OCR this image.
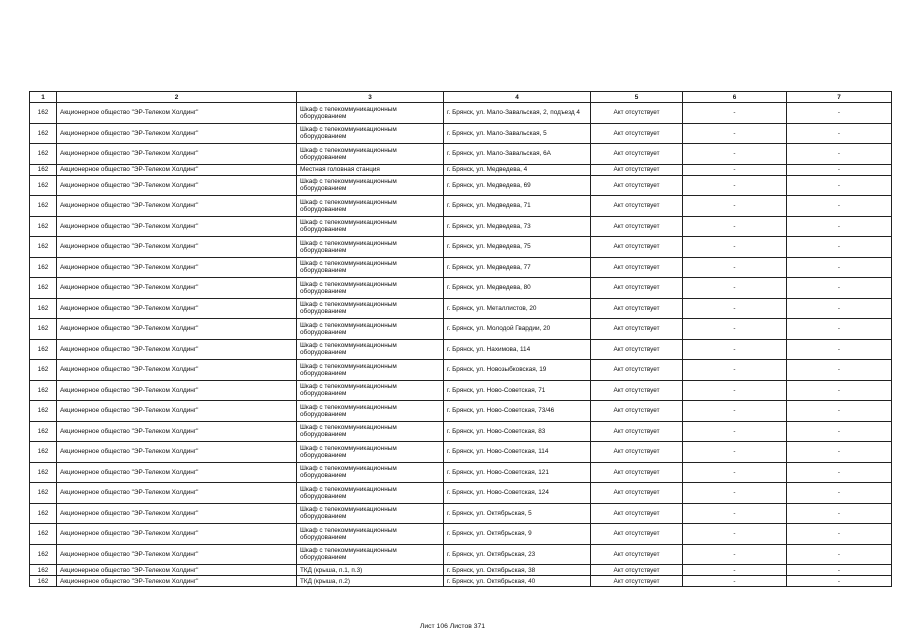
1	2	3	4	5	6	7
162	Акционерное общество "ЭР-Телеком Холдинг"	Шкаф с телекоммуникационным оборудованием	г. Брянск, ул. Мало-Завальская, 2, подъезд 4	Акт отсутствует	-	-
162	Акционерное общество "ЭР-Телеком Холдинг"	Шкаф с телекоммуникационным оборудованием	г. Брянск, ул. Мало-Завальская, 5	Акт отсутствует	-	-
162	Акционерное общество "ЭР-Телеком Холдинг"	Шкаф с телекоммуникационным оборудованием	г. Брянск, ул. Мало-Завальская, 6А	Акт отсутствует	-	-
162	Акционерное общество "ЭР-Телеком Холдинг"	Местная головная станция	г. Брянск, ул. Медведева, 4	Акт отсутствует	-	-
162	Акционерное общество "ЭР-Телеком Холдинг"	Шкаф с телекоммуникационным оборудованием	г. Брянск, ул. Медведева, 69	Акт отсутствует	-	-
162	Акционерное общество "ЭР-Телеком Холдинг"	Шкаф с телекоммуникационным оборудованием	г. Брянск, ул. Медведева, 71	Акт отсутствует	-	-
162	Акционерное общество "ЭР-Телеком Холдинг"	Шкаф с телекоммуникационным оборудованием	г. Брянск, ул. Медведева, 73	Акт отсутствует	-	-
162	Акционерное общество "ЭР-Телеком Холдинг"	Шкаф с телекоммуникационным оборудованием	г. Брянск, ул. Медведева, 75	Акт отсутствует	-	-
162	Акционерное общество "ЭР-Телеком Холдинг"	Шкаф с телекоммуникационным оборудованием	г. Брянск, ул. Медведева, 77	Акт отсутствует	-	-
162	Акционерное общество "ЭР-Телеком Холдинг"	Шкаф с телекоммуникационным оборудованием	г. Брянск, ул. Медведева, 80	Акт отсутствует	-	-
162	Акционерное общество "ЭР-Телеком Холдинг"	Шкаф с телекоммуникационным оборудованием	г. Брянск, ул. Металлистов, 20	Акт отсутствует	-	-
162	Акционерное общество "ЭР-Телеком Холдинг"	Шкаф с телекоммуникационным оборудованием	г. Брянск, ул. Молодой Гвардии, 20	Акт отсутствует	-	-
162	Акционерное общество "ЭР-Телеком Холдинг"	Шкаф с телекоммуникационным оборудованием	г. Брянск, ул. Нахимова, 114	Акт отсутствует	-	-
162	Акционерное общество "ЭР-Телеком Холдинг"	Шкаф с телекоммуникационным оборудованием	г. Брянск, ул. Новозыбковская, 19	Акт отсутствует	-	-
162	Акционерное общество "ЭР-Телеком Холдинг"	Шкаф с телекоммуникационным оборудованием	г. Брянск, ул. Ново-Советская, 71	Акт отсутствует	-	-
162	Акционерное общество "ЭР-Телеком Холдинг"	Шкаф с телекоммуникационным оборудованием	г. Брянск, ул. Ново-Советская, 73/46	Акт отсутствует	-	-
162	Акционерное общество "ЭР-Телеком Холдинг"	Шкаф с телекоммуникационным оборудованием	г. Брянск, ул. Ново-Советская, 83	Акт отсутствует	-	-
162	Акционерное общество "ЭР-Телеком Холдинг"	Шкаф с телекоммуникационным оборудованием	г. Брянск, ул. Ново-Советская, 114	Акт отсутствует	-	-
162	Акционерное общество "ЭР-Телеком Холдинг"	Шкаф с телекоммуникационным оборудованием	г. Брянск, ул. Ново-Советская, 121	Акт отсутствует	-	-
162	Акционерное общество "ЭР-Телеком Холдинг"	Шкаф с телекоммуникационным оборудованием	г. Брянск, ул. Ново-Советская, 124	Акт отсутствует	-	-
162	Акционерное общество "ЭР-Телеком Холдинг"	Шкаф с телекоммуникационным оборудованием	г. Брянск, ул. Октябрьская, 5	Акт отсутствует	-	-
162	Акционерное общество "ЭР-Телеком Холдинг"	Шкаф с телекоммуникационным оборудованием	г. Брянск, ул. Октябрьская, 9	Акт отсутствует	-	-
162	Акционерное общество "ЭР-Телеком Холдинг"	Шкаф с телекоммуникационным оборудованием	г. Брянск, ул. Октябрьская, 23	Акт отсутствует	-	-
162	Акционерное общество "ЭР-Телеком Холдинг"	ТКД (крыша, п.1, п.3)	г. Брянск, ул. Октябрьская, 38	Акт отсутствует	-	-
162	Акционерное общество "ЭР-Телеком Холдинг"	ТКД (крыша, п.2)	г. Брянск, ул. Октябрьская, 40	Акт отсутствует	-	-
Лист 106 Листов 371
